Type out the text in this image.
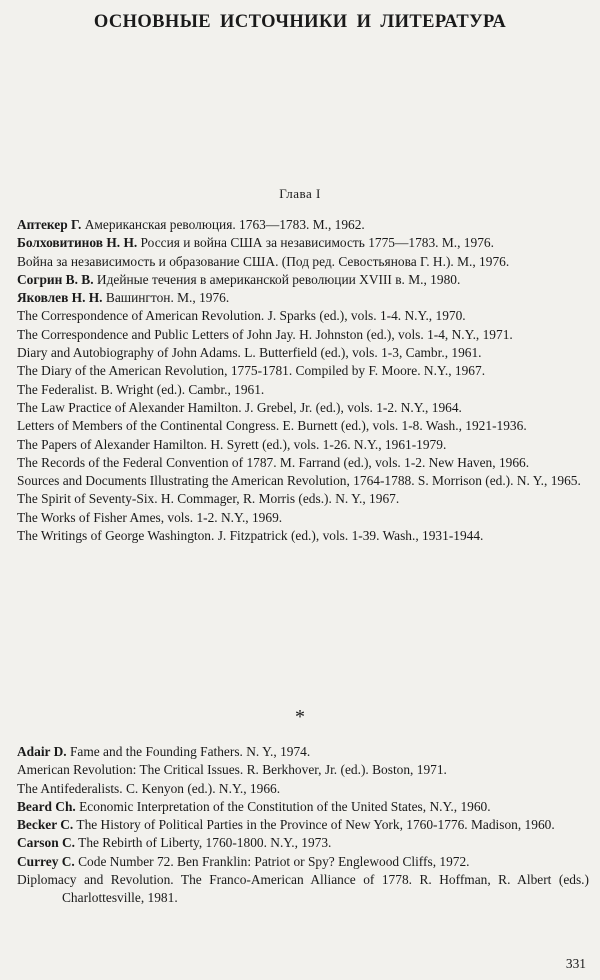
ОСНОВНЫЕ ИСТОЧНИКИ И ЛИТЕРАТУРА
Глава I
Аптекер Г. Американская революция. 1763—1783. М., 1962.
Болховитинов Н. Н. Россия и война США за независимость 1775—1783. М., 1976.
Война за независимость и образование США. (Под ред. Севостьянова Г. Н.). М., 1976.
Согрин В. В. Идейные течения в американской революции XVIII в. М., 1980.
Яковлев Н. Н. Вашингтон. М., 1976.
The Correspondence of American Revolution. J. Sparks (ed.), vols. 1-4. N.Y., 1970.
The Correspondence and Public Letters of John Jay. H. Johnston (ed.), vols. 1-4, N.Y., 1971.
Diary and Autobiography of John Adams. L. Butterfield (ed.), vols. 1-3, Cambr., 1961.
The Diary of the American Revolution, 1775-1781. Compiled by F. Moore. N.Y., 1967.
The Federalist. B. Wright (ed.). Cambr., 1961.
The Law Practice of Alexander Hamilton. J. Grebel, Jr. (ed.), vols. 1-2. N.Y., 1964.
Letters of Members of the Continental Congress. E. Burnett (ed.), vols. 1-8. Wash., 1921-1936.
The Papers of Alexander Hamilton. H. Syrett (ed.), vols. 1-26. N.Y., 1961-1979.
The Records of the Federal Convention of 1787. M. Farrand (ed.), vols. 1-2. New Haven, 1966.
Sources and Documents Illustrating the American Revolution, 1764-1788. S. Morrison (ed.). N. Y., 1965.
The Spirit of Seventy-Six. H. Commager, R. Morris (eds.). N. Y., 1967.
The Works of Fisher Ames, vols. 1-2. N.Y., 1969.
The Writings of George Washington. J. Fitzpatrick (ed.), vols. 1-39. Wash., 1931-1944.
*
Adair D. Fame and the Founding Fathers. N. Y., 1974.
American Revolution: The Critical Issues. R. Berkhover, Jr. (ed.). Boston, 1971.
The Antifederalists. C. Kenyon (ed.). N.Y., 1966.
Beard Ch. Economic Interpretation of the Constitution of the United States, N.Y., 1960.
Becker C. The History of Political Parties in the Province of New York, 1760-1776. Madison, 1960.
Carson C. The Rebirth of Liberty, 1760-1800. N.Y., 1973.
Currey C. Code Number 72. Ben Franklin: Patriot or Spy? Englewood Cliffs, 1972.
Diplomacy and Revolution. The Franco-American Alliance of 1778. R. Hoffman, R. Albert (eds.) Charlottesville, 1981.
331
